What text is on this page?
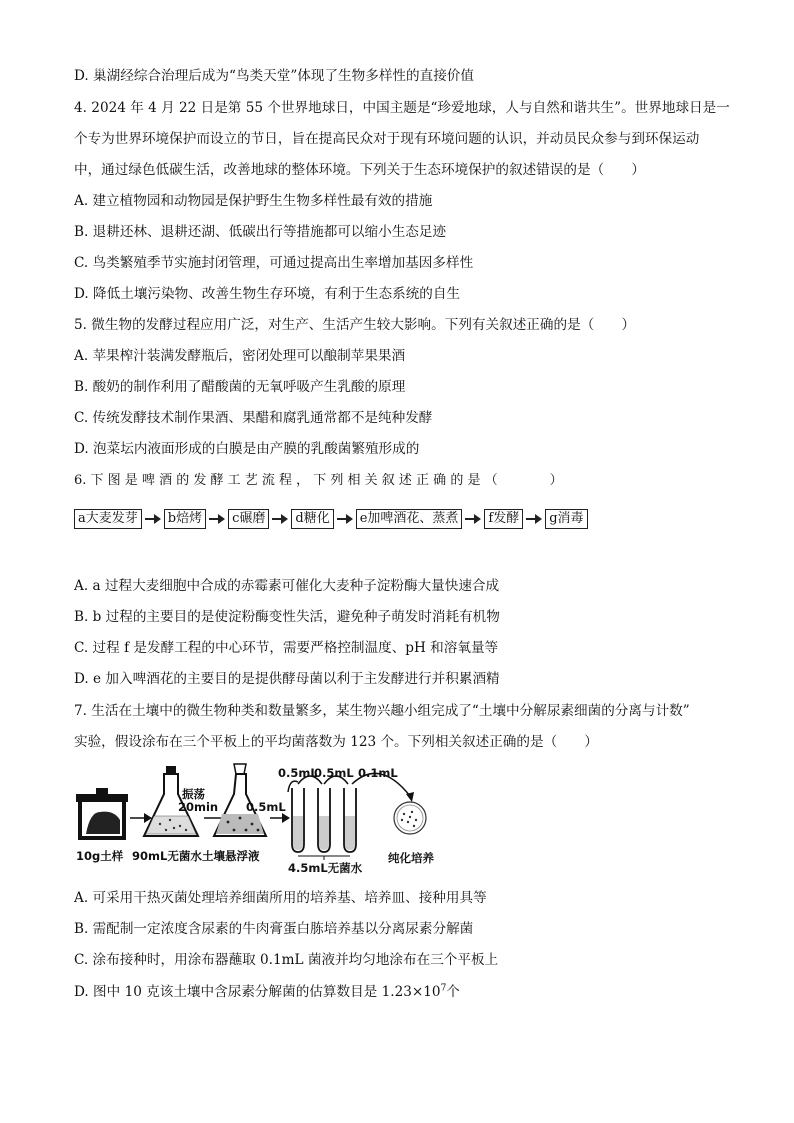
D. 巢湖经综合治理后成为“鸟类天堂”体现了生物多样性的直接价值
4. 2024 年 4 月 22 日是第 55 个世界地球日，中国主题是“珍爱地球，人与自然和谐共生”。世界地球日是一
个专为世界环境保护而设立的节日，旨在提高民众对于现有环境问题的认识，并动员民众参与到环保运动
中，通过绿色低碳生活，改善地球的整体环境。下列关于生态环境保护的叙述错误的是（　　）
A. 建立植物园和动物园是保护野生生物多样性最有效的措施
B. 退耕还林、退耕还湖、低碳出行等措施都可以缩小生态足迹
C. 鸟类繁殖季节实施封闭管理，可通过提高出生率增加基因多样性
D. 降低土壤污染物、改善生物生存环境，有利于生态系统的自生
5. 微生物的发酵过程应用广泛，对生产、生活产生较大影响。下列有关叙述正确的是（　　）
A. 苹果榨汁装满发酵瓶后，密闭处理可以酿制苹果果酒
B. 酸奶的制作利用了醋酸菌的无氧呼吸产生乳酸的原理
C. 传统发酵技术制作果酒、果醋和腐乳通常都不是纯种发酵
D. 泡菜坛内液面形成的白膜是由产膜的乳酸菌繁殖形成的
6. 下 图 是 啤 酒 的 发 酵 工 艺 流 程 ， 下 列 相 关 叙 述 正 确 的 是 （　　　　）
a大麦发芽	b焙烤	c碾磨	d糖化	e加啤酒花、蒸煮	f发酵	g消毒
A. a 过程大麦细胞中合成的赤霉素可催化大麦种子淀粉酶大量快速合成
B. b 过程的主要目的是使淀粉酶变性失活，避免种子萌发时消耗有机物
C. 过程 f 是发酵工程的中心环节，需要严格控制温度、pH 和溶氧量等
D. e 加入啤酒花的主要目的是提供酵母菌以利于主发酵进行并积累酒精
7. 生活在土壤中的微生物种类和数量繁多，某生物兴趣小组完成了“土壤中分解尿素细菌的分离与计数”
实验，假设涂布在三个平板上的平均菌落数为 123 个。下列相关叙述正确的是（　　）
振荡
20min 0.5mL
0.5mL
0.5mL 0.1mL
10g土样 90mL无菌水 土壤悬浮液
4.5mL无菌水
纯化培养
A. 可采用干热灭菌处理培养细菌所用的培养基、培养皿、接种用具等
B. 需配制一定浓度含尿素的牛肉膏蛋白胨培养基以分离尿素分解菌
C. 涂布接种时，用涂布器蘸取 0.1mL 菌液并均匀地涂布在三个平板上
D. 图中 10 克该土壤中含尿素分解菌的估算数目是 $1.23\times 10^7$个
